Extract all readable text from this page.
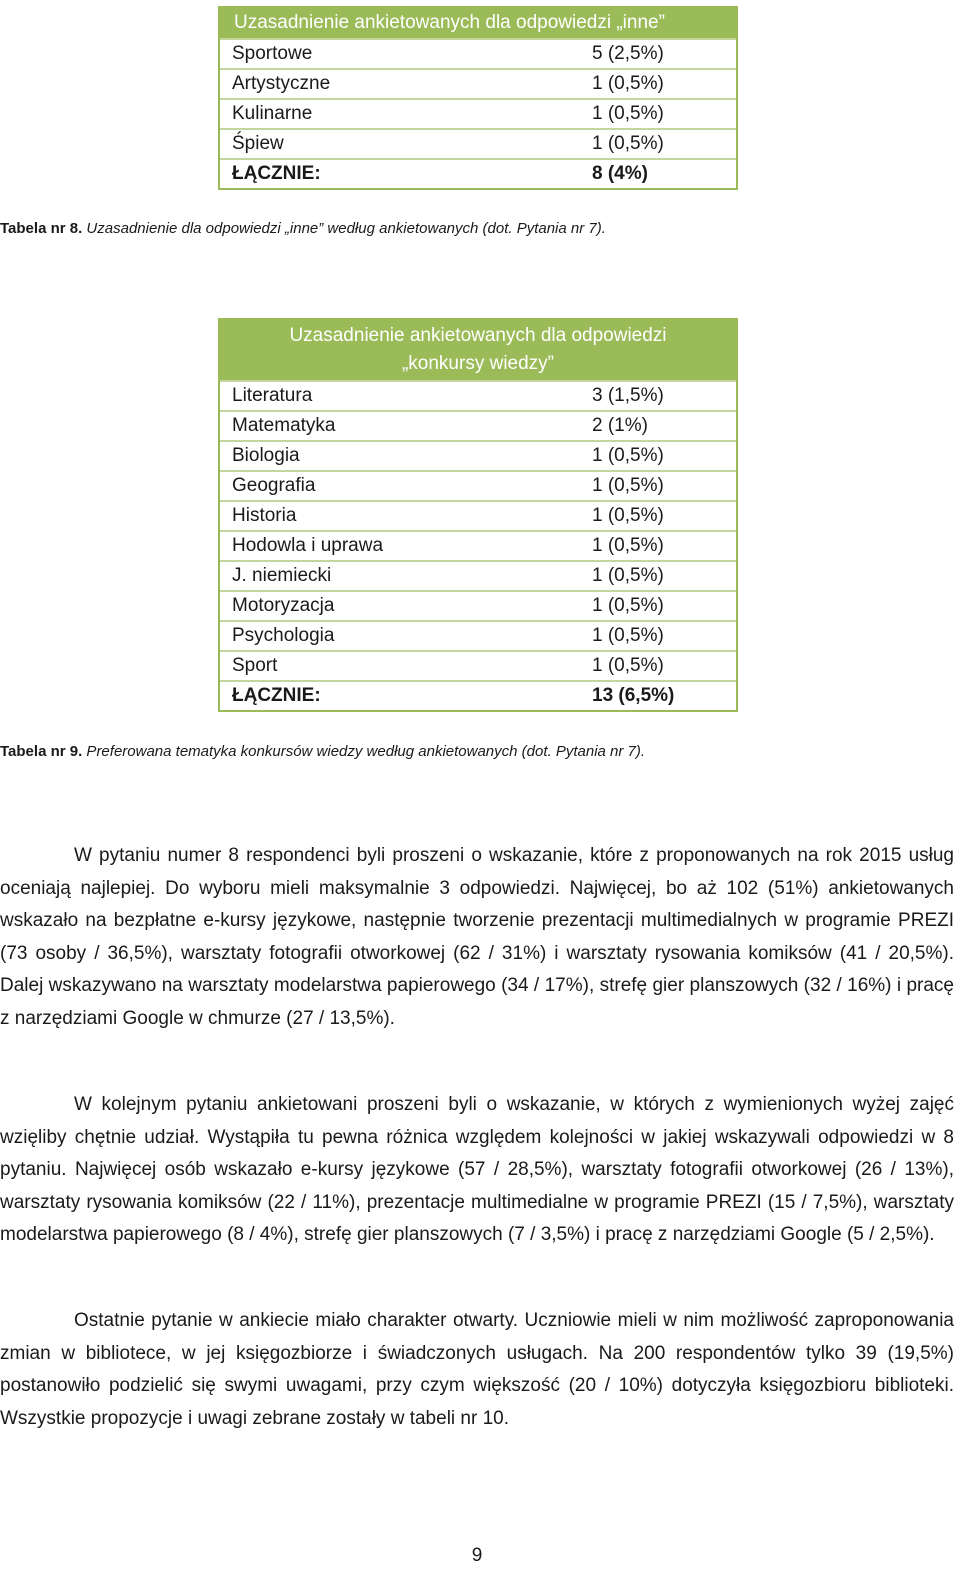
Uzasadnienie ankietowanych dla odpowiedzi „inne”
Sportowe	5 (2,5%)
Artystyczne	1 (0,5%)
Kulinarne	1 (0,5%)
Śpiew	1 (0,5%)
ŁĄCZNIE:	8 (4%)
Tabela nr 8. Uzasadnienie dla odpowiedzi „inne” według ankietowanych (dot. Pytania nr 7).
Uzasadnienie ankietowanych dla odpowiedzi
„konkursy wiedzy”
Literatura	3 (1,5%)
Matematyka	2 (1%)
Biologia	1 (0,5%)
Geografia	1 (0,5%)
Historia	1 (0,5%)
Hodowla i uprawa	1 (0,5%)
J. niemiecki	1 (0,5%)
Motoryzacja	1 (0,5%)
Psychologia	1 (0,5%)
Sport	1 (0,5%)
ŁĄCZNIE:	13 (6,5%)
Tabela nr 9. Preferowana tematyka konkursów wiedzy według ankietowanych (dot. Pytania nr 7).

W pytaniu numer 8 respondenci byli proszeni o wskazanie, które z proponowanych na rok 2015 usług oceniają najlepiej. Do wyboru mieli maksymalnie 3 odpowiedzi. Najwięcej, bo aż 102 (51%) ankietowanych wskazało na bezpłatne e-kursy językowe, następnie tworzenie prezentacji multimedialnych w programie PREZI (73 osoby / 36,5%), warsztaty fotografii otworkowej (62 / 31%) i warsztaty rysowania komiksów (41 / 20,5%). Dalej wskazywano na warsztaty modelarstwa papierowego (34 / 17%), strefę gier planszowych (32 / 16%) i pracę z narzędziami Google w chmurze (27 / 13,5%).

W kolejnym pytaniu ankietowani proszeni byli o wskazanie, w których z wymienionych wyżej zajęć wzięliby chętnie udział. Wystąpiła tu pewna różnica względem kolejności w jakiej wskazywali odpowiedzi w 8 pytaniu. Najwięcej osób wskazało e-kursy językowe (57 / 28,5%), warsztaty fotografii otworkowej (26 / 13%), warsztaty rysowania komiksów (22 / 11%), prezentacje multimedialne w programie PREZI (15 / 7,5%), warsztaty modelarstwa papierowego (8 / 4%), strefę gier planszowych (7 / 3,5%) i pracę z narzędziami Google (5 / 2,5%).

Ostatnie pytanie w ankiecie miało charakter otwarty. Uczniowie mieli w nim możliwość zaproponowania zmian w bibliotece, w jej księgozbiorze i świadczonych usługach. Na 200 respondentów tylko 39 (19,5%) postanowiło podzielić się swymi uwagami, przy czym większość (20 / 10%) dotyczyła księgozbioru biblioteki. Wszystkie propozycje i uwagi zebrane zostały w tabeli nr 10.

9
